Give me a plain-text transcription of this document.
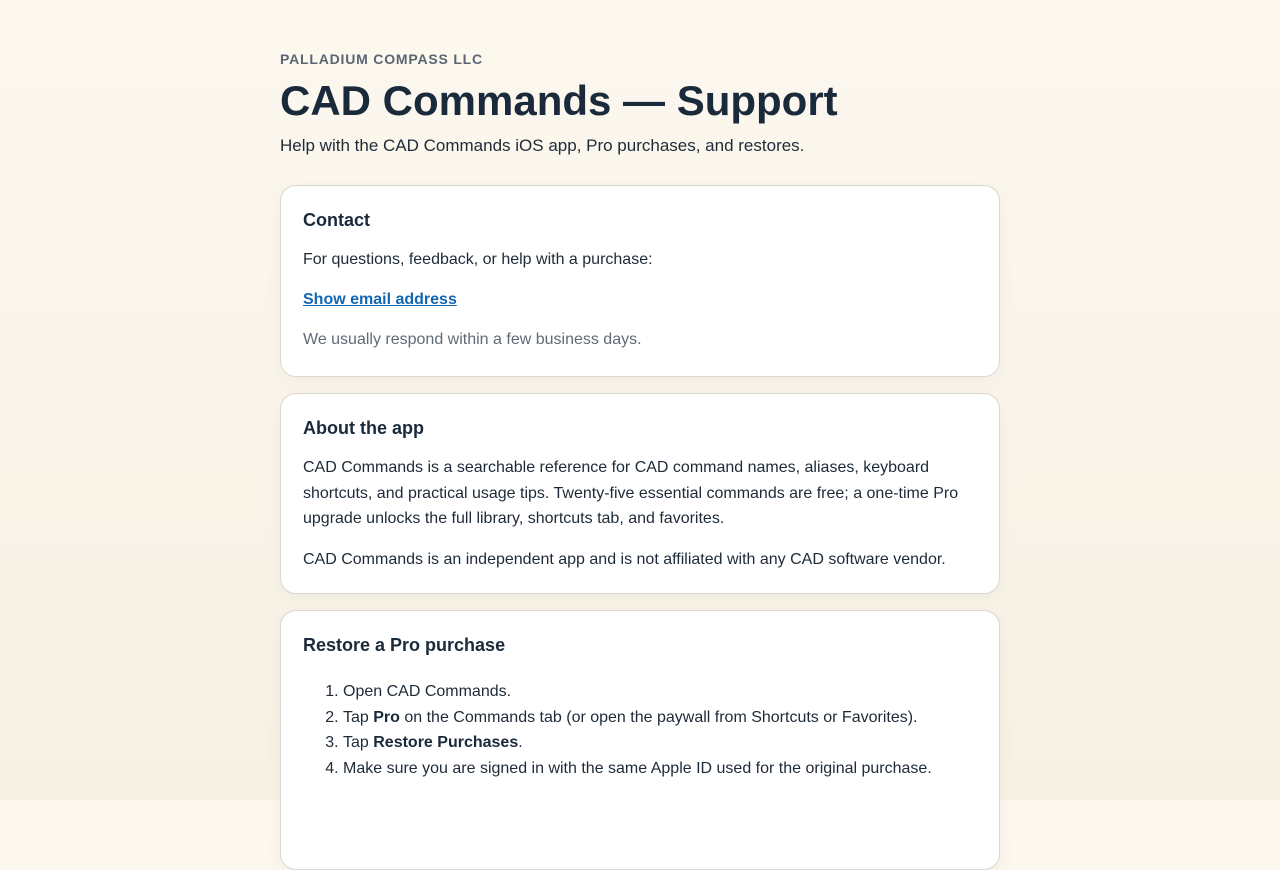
PALLADIUM COMPASS LLC
CAD Commands — Support
Help with the CAD Commands iOS app, Pro purchases, and restores.
Contact

For questions, feedback, or help with a purchase:

Show email address

We usually respond within a few business days.

About the app

CAD Commands is a searchable reference for CAD command names, aliases, keyboard shortcuts, and practical usage tips. Twenty-five essential commands are free; a one-time Pro upgrade unlocks the full library, shortcuts tab, and favorites.

CAD Commands is an independent app and is not affiliated with any CAD software vendor.

Restore a Pro purchase
1. Open CAD Commands.
2. Tap Pro on the Commands tab (or open the paywall from Shortcuts or Favorites).
3. Tap Restore Purchases.
4. Make sure you are signed in with the same Apple ID used for the original purchase.
